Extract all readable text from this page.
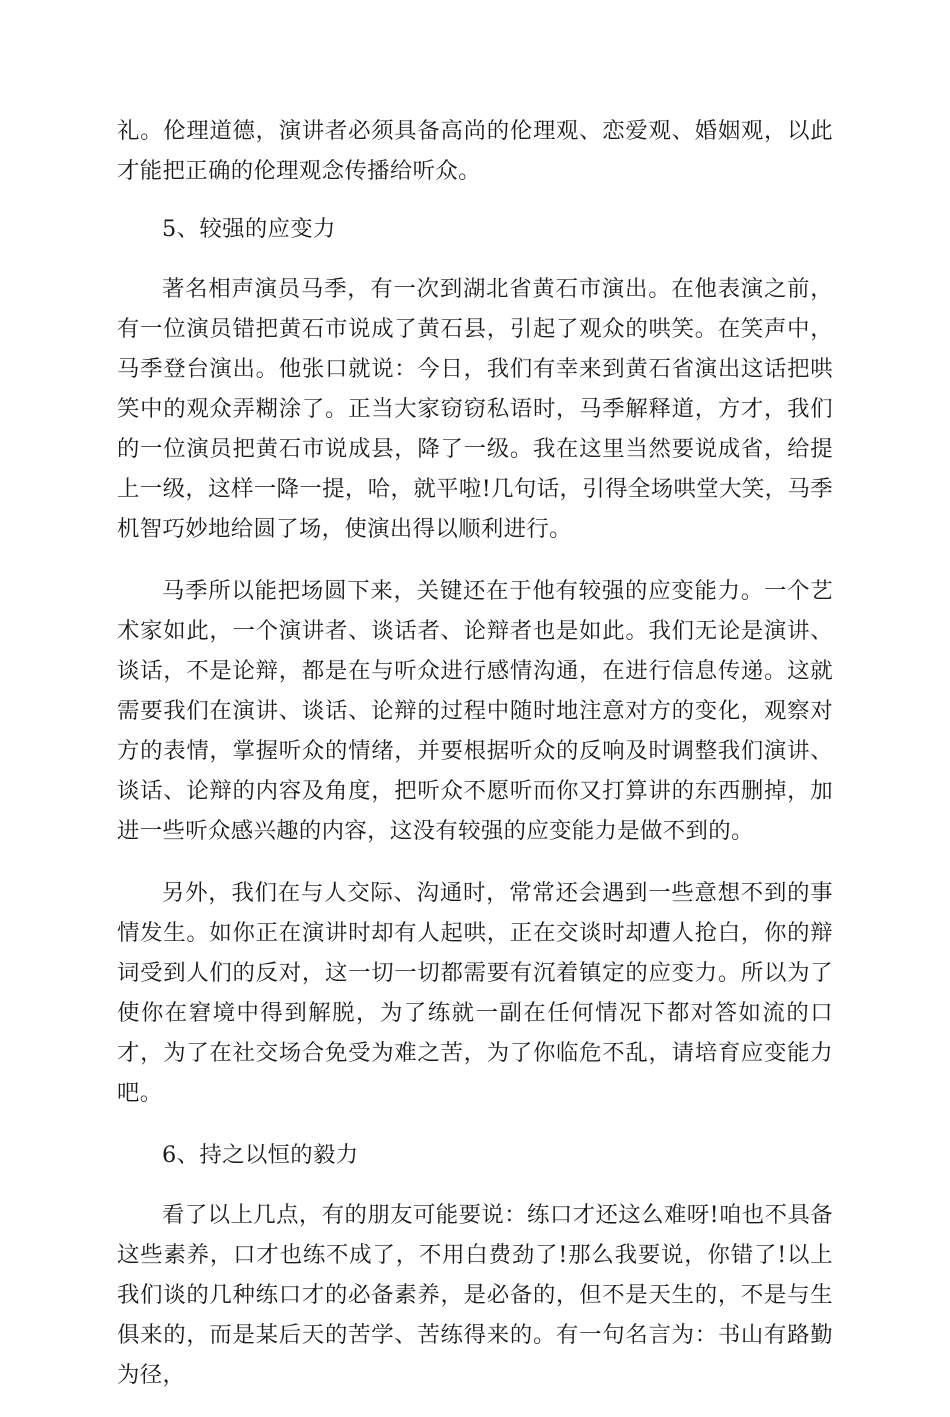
礼。伦理道德，演讲者必须具备高尚的伦理观、恋爱观、婚姻观，以此才能把正确的伦理观念传播给听众。

5、较强的应变力

著名相声演员马季，有一次到湖北省黄石市演出。在他表演之前，有一位演员错把黄石市说成了黄石县，引起了观众的哄笑。在笑声中，马季登台演出。他张口就说：今日，我们有幸来到黄石省演出这话把哄笑中的观众弄糊涂了。正当大家窃窃私语时，马季解释道，方才，我们的一位演员把黄石市说成县，降了一级。我在这里当然要说成省，给提上一级，这样一降一提，哈，就平啦!几句话，引得全场哄堂大笑，马季机智巧妙地给圆了场，使演出得以顺利进行。

马季所以能把场圆下来，关键还在于他有较强的应变能力。一个艺术家如此，一个演讲者、谈话者、论辩者也是如此。我们无论是演讲、谈话，不是论辩，都是在与听众进行感情沟通，在进行信息传递。这就需要我们在演讲、谈话、论辩的过程中随时地注意对方的变化，观察对方的表情，掌握听众的情绪，并要根据听众的反响及时调整我们演讲、谈话、论辩的内容及角度，把听众不愿听而你又打算讲的东西删掉，加进一些听众感兴趣的内容，这没有较强的应变能力是做不到的。

另外，我们在与人交际、沟通时，常常还会遇到一些意想不到的事情发生。如你正在演讲时却有人起哄，正在交谈时却遭人抢白，你的辩词受到人们的反对，这一切一切都需要有沉着镇定的应变力。所以为了使你在窘境中得到解脱，为了练就一副在任何情况下都对答如流的口才，为了在社交场合免受为难之苦，为了你临危不乱，请培育应变能力吧。

6、持之以恒的毅力

看了以上几点，有的朋友可能要说：练口才还这么难呀!咱也不具备这些素养，口才也练不成了，不用白费劲了!那么我要说，你错了!以上我们谈的几种练口才的必备素养，是必备的，但不是天生的，不是与生俱来的，而是某后天的苦学、苦练得来的。有一句名言为：书山有路勤为径，
